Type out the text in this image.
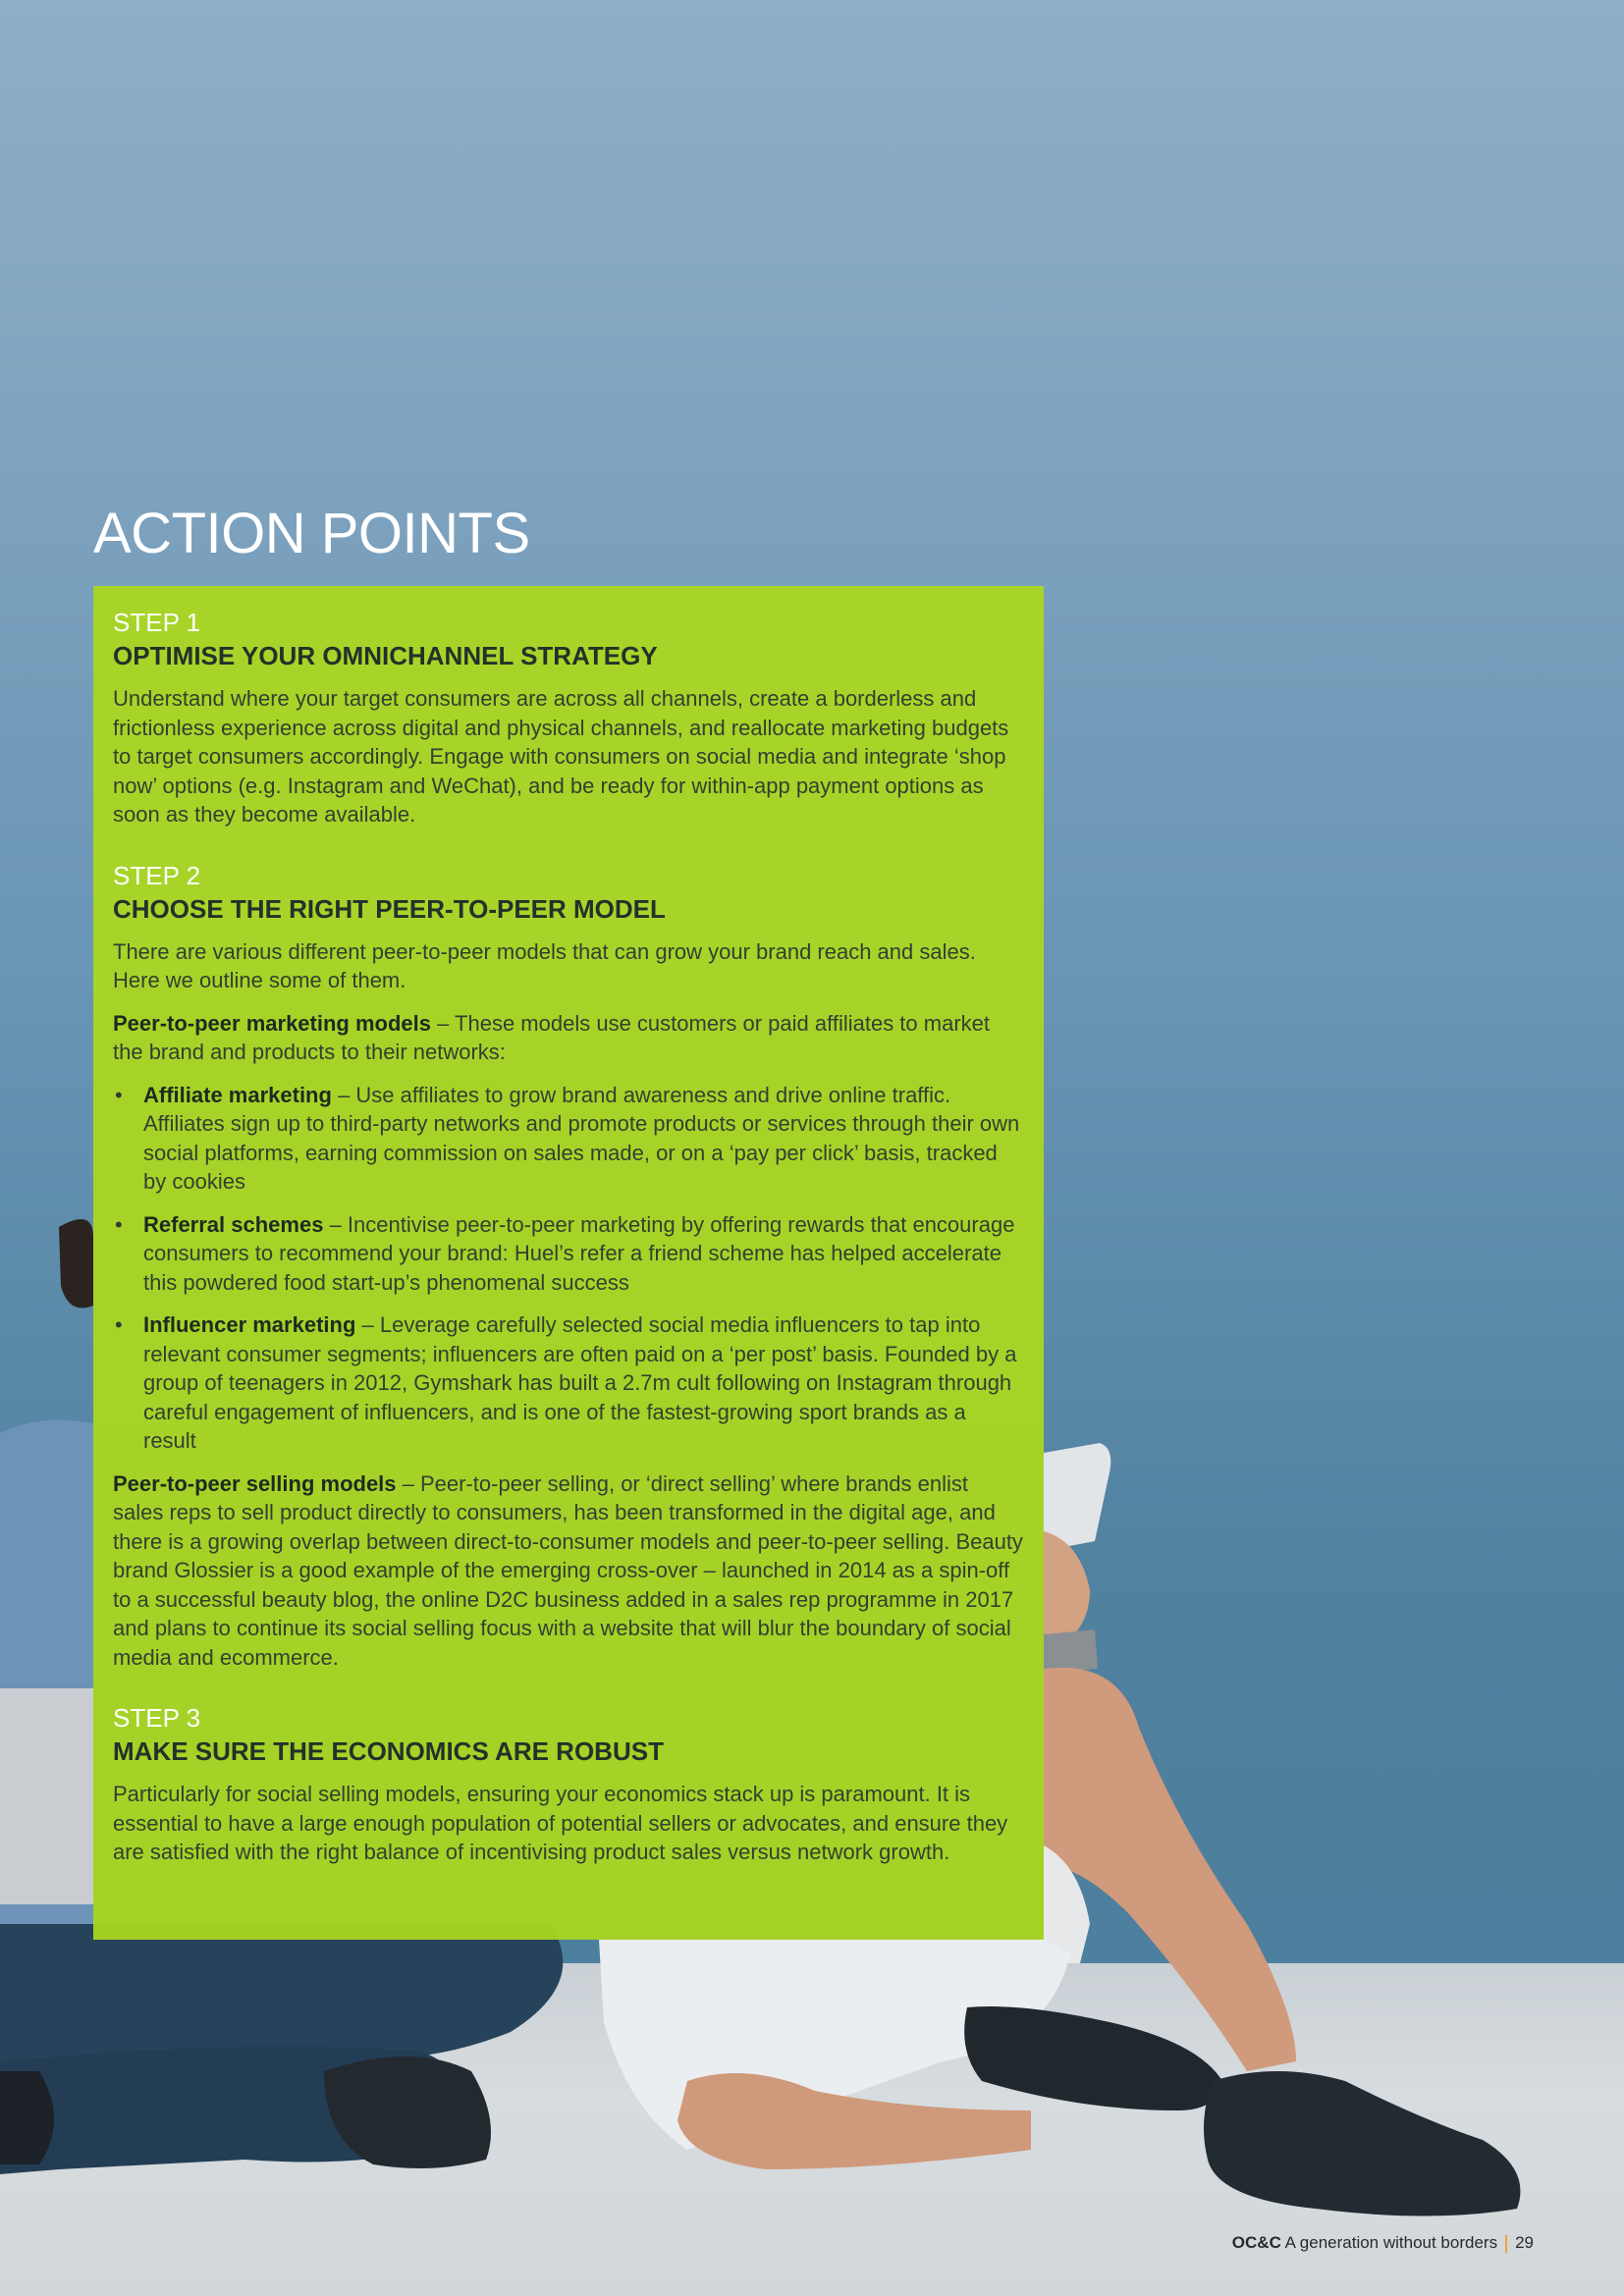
ACTION POINTS

STEP 1

OPTIMISE YOUR OMNICHANNEL STRATEGY

Understand where your target consumers are across all channels, create a borderless and frictionless experience across digital and physical channels, and reallocate marketing budgets to target consumers accordingly. Engage with consumers on social media and integrate ‘shop now’ options (e.g. Instagram and WeChat), and be ready for within-app payment options as soon as they become available.

STEP 2

CHOOSE THE RIGHT PEER-TO-PEER MODEL

There are various different peer-to-peer models that can grow your brand reach and sales. Here we outline some of them.

Peer-to-peer marketing models – These models use customers or paid affiliates to market the brand and products to their networks:

• Affiliate marketing – Use affiliates to grow brand awareness and drive online traffic. Affiliates sign up to third-party networks and promote products or services through their own social platforms, earning commission on sales made, or on a ‘pay per click’ basis, tracked by cookies
• Referral schemes – Incentivise peer-to-peer marketing by offering rewards that encourage consumers to recommend your brand: Huel’s refer a friend scheme has helped accelerate this powdered food start-up’s phenomenal success
• Influencer marketing – Leverage carefully selected social media influencers to tap into relevant consumer segments; influencers are often paid on a ‘per post’ basis. Founded by a group of teenagers in 2012, Gymshark has built a 2.7m cult following on Instagram through careful engagement of influencers, and is one of the fastest-growing sport brands as a result

Peer-to-peer selling models – Peer-to-peer selling, or ‘direct selling’ where brands enlist sales reps to sell product directly to consumers, has been transformed in the digital age, and there is a growing overlap between direct-to-consumer models and peer-to-peer selling. Beauty brand Glossier is a good example of the emerging cross-over – launched in 2014 as a spin-off to a successful beauty blog, the online D2C business added in a sales rep programme in 2017 and plans to continue its social selling focus with a website that will blur the boundary of social media and ecommerce.

STEP 3

MAKE SURE THE ECONOMICS ARE ROBUST

Particularly for social selling models, ensuring your economics stack up is paramount. It is essential to have a large enough population of potential sellers or advocates, and ensure they are satisfied with the right balance of incentivising product sales versus network growth.

OC&C A generation without borders 29
